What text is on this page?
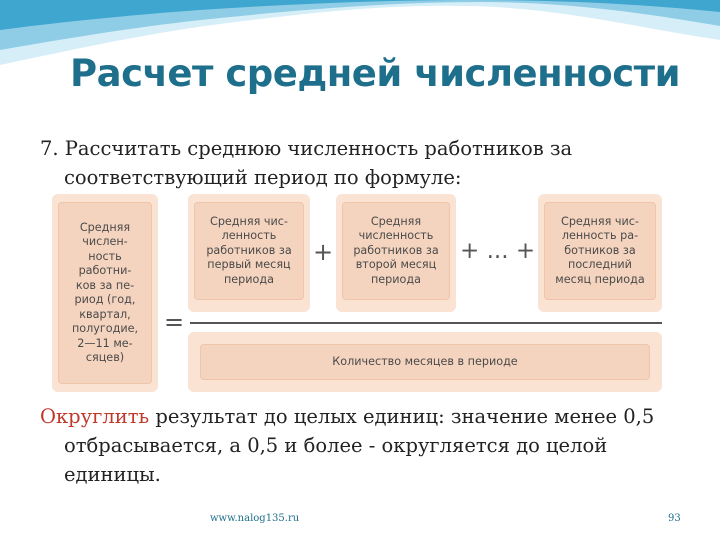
Расчет средней численности
7. Рассчитать среднюю численность работников за соответствующий период по формуле:
Средняя
числен-
ность
работни-
ков за пе-
риод (год,
квартал,
полугодие,
2—11 ме-
сяцев)
=
Средняя чис-
ленность
работников за
первый месяц
периода
+
Средняя
численность
работников за
второй месяц
периода
+ ... +
Средняя чис-
ленность ра-
ботников за
последний
месяц периода
Количество месяцев в периоде
Округлить результат до целых единиц: значение менее 0,5 отбрасывается, а 0,5 и более - округляется до целой единицы.
www.nalog135.ru	93
